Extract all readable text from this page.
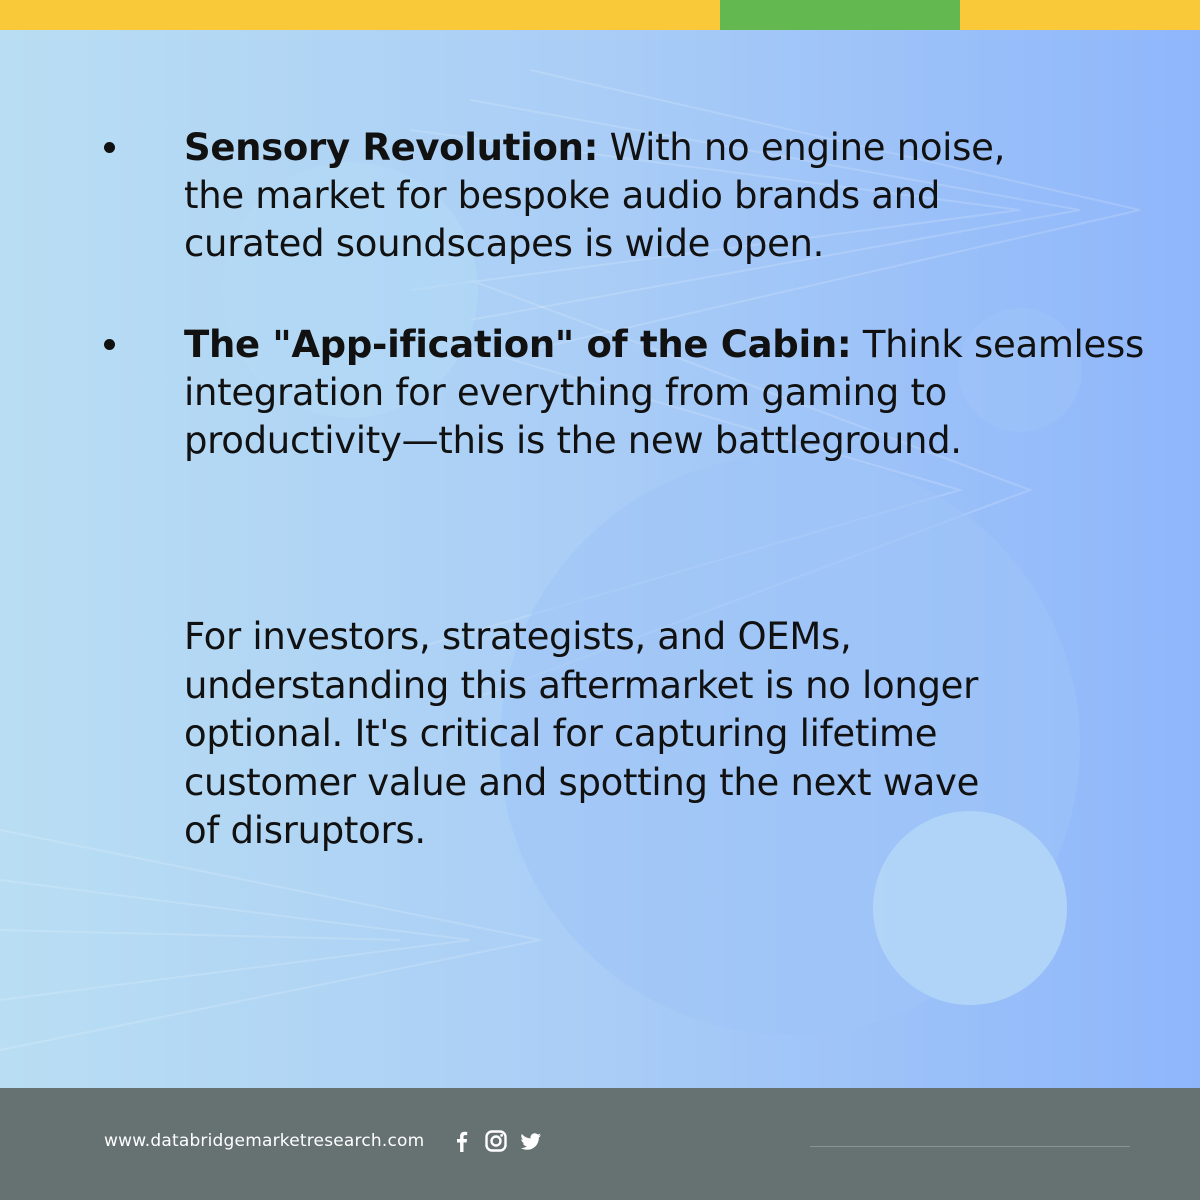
Sensory Revolution: With no engine noise,
the market for bespoke audio brands and
curated soundscapes is wide open.
The "App-ification" of the Cabin: Think seamless
integration for everything from gaming to
productivity—this is the new battleground.
For investors, strategists, and OEMs,
understanding this aftermarket is no longer
optional. It's critical for capturing lifetime
customer value and spotting the next wave
of disruptors.
www.databridgemarketresearch.com
